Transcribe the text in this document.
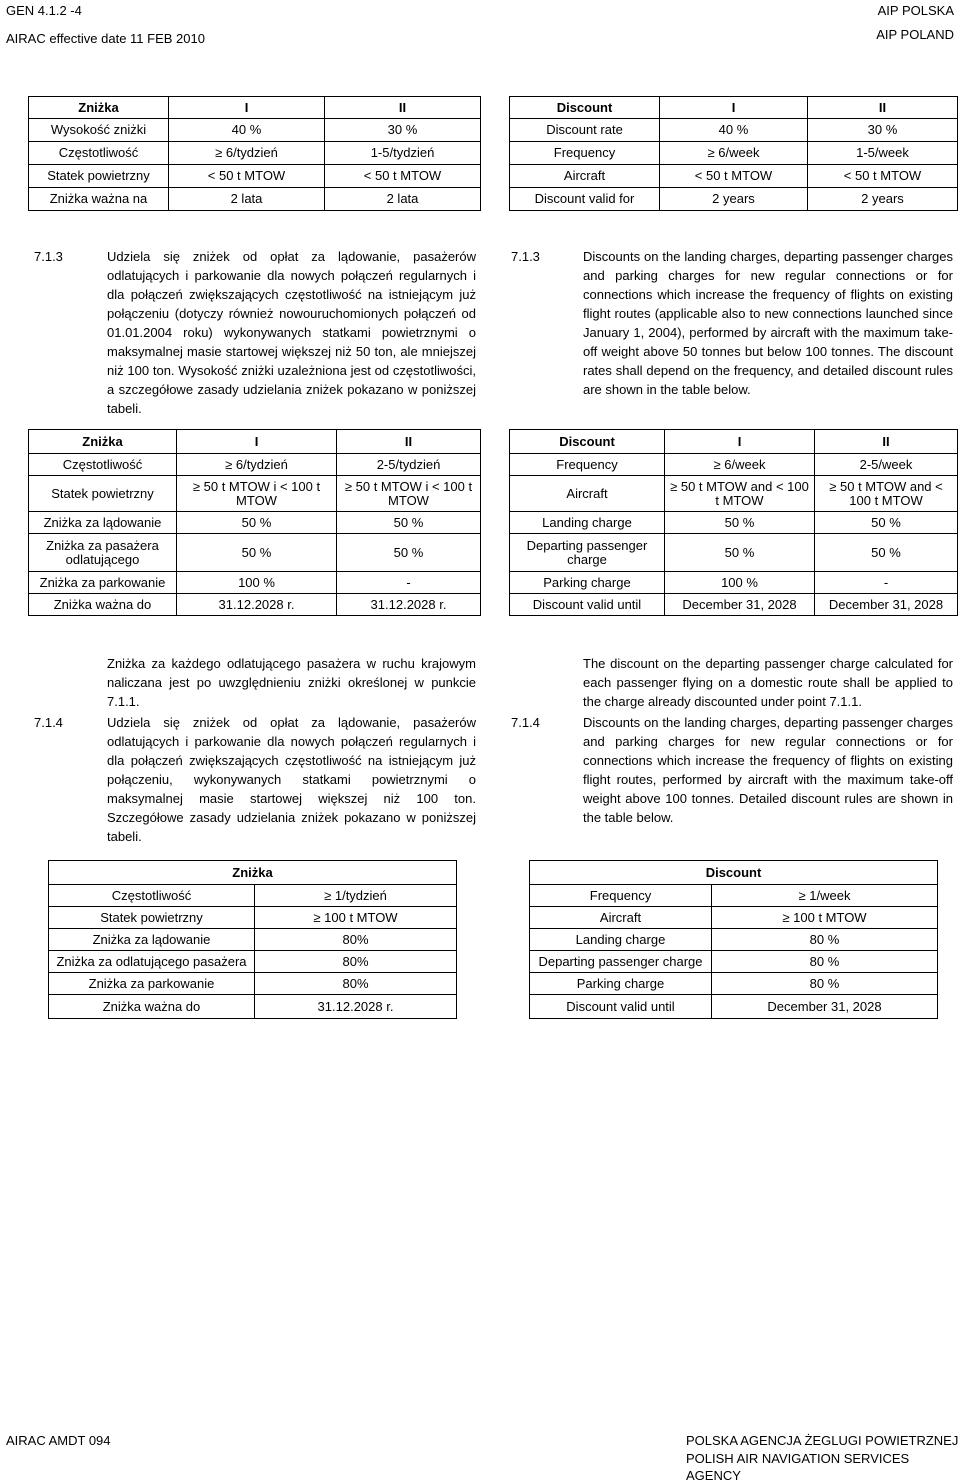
GEN 4.1.2 -4
AIRAC effective date 11 FEB 2010
AIP POLSKA
AIP POLAND
Zniżka	I	II
Wysokość zniżki	40 %	30 %
Częstotliwość	≥ 6/tydzień	1-5/tydzień
Statek powietrzny	< 50 t MTOW	< 50 t MTOW
Zniżka ważna na	2 lata	2 lata
Discount	I	II
Discount rate	40 %	30 %
Frequency	≥ 6/week	1-5/week
Aircraft	< 50 t MTOW	< 50 t MTOW
Discount valid for	2 years	2 years
7.1.3	Udziela się zniżek od opłat za lądowanie, pasażerów odlatujących i parkowanie dla nowych połączeń regularnych i dla połączeń zwiększających częstotliwość na istniejącym już połączeniu (dotyczy również nowouruchomionych połączeń od 01.01.2004 roku) wykonywanych statkami powietrznymi o maksymalnej masie startowej większej niż 50 ton, ale mniejszej niż 100 ton. Wysokość zniżki uzależniona jest od częstotliwości, a szczegółowe zasady udzielania zniżek pokazano w poniższej tabeli.
7.1.3	Discounts on the landing charges, departing passenger charges and parking charges for new regular connections or for connections which increase the frequency of flights on existing flight routes (applicable also to new connections launched since January 1, 2004), performed by aircraft with the maximum take-off weight above 50 tonnes but below 100 tonnes. The discount rates shall depend on the frequency, and detailed discount rules are shown in the table below.
Zniżka	I	II
Częstotliwość	≥ 6/tydzień	2-5/tydzień
Statek powietrzny	≥ 50 t MTOW i < 100 t MTOW	≥ 50 t MTOW i < 100 t MTOW
Zniżka za lądowanie	50 %	50 %
Zniżka za pasażera odlatującego	50 %	50 %
Zniżka za parkowanie	100 %	-
Zniżka ważna do	31.12.2028 r.	31.12.2028 r.
Discount	I	II
Frequency	≥ 6/week	2-5/week
Aircraft	≥ 50 t MTOW and < 100 t MTOW	≥ 50 t MTOW and < 100 t MTOW
Landing charge	50 %	50 %
Departing passenger charge	50 %	50 %
Parking charge	100 %	-
Discount valid until	December 31, 2028	December 31, 2028
Zniżka za każdego odlatującego pasażera w ruchu krajowym naliczana jest po uwzględnieniu zniżki określonej w punkcie 7.1.1.
The discount on the departing passenger charge calculated for each passenger flying on a domestic route shall be applied to the charge already discounted under point 7.1.1.
7.1.4	Udziela się zniżek od opłat za lądowanie, pasażerów odlatujących i parkowanie dla nowych połączeń regularnych i dla połączeń zwiększających częstotliwość na istniejącym już połączeniu, wykonywanych statkami powietrznymi o maksymalnej masie startowej większej niż 100 ton. Szczegółowe zasady udzielania zniżek pokazano w poniższej tabeli.
7.1.4	Discounts on the landing charges, departing passenger charges and parking charges for new regular connections or for connections which increase the frequency of flights on existing flight routes, performed by aircraft with the maximum take-off weight above 100 tonnes. Detailed discount rules are shown in the table below.
Zniżka	
Częstotliwość	≥ 1/tydzień
Statek powietrzny	≥ 100 t MTOW
Zniżka za lądowanie	80%
Zniżka za odlatującego pasażera	80%
Zniżka za parkowanie	80%
Zniżka ważna do	31.12.2028 r.
Discount	
Frequency	≥ 1/week
Aircraft	≥ 100 t MTOW
Landing charge	80 %
Departing passenger charge	80 %
Parking charge	80 %
Discount valid until	December 31, 2028
AIRAC AMDT 094	POLSKA AGENCJA ŻEGLUGI POWIETRZNEJ
POLISH AIR NAVIGATION SERVICES AGENCY
